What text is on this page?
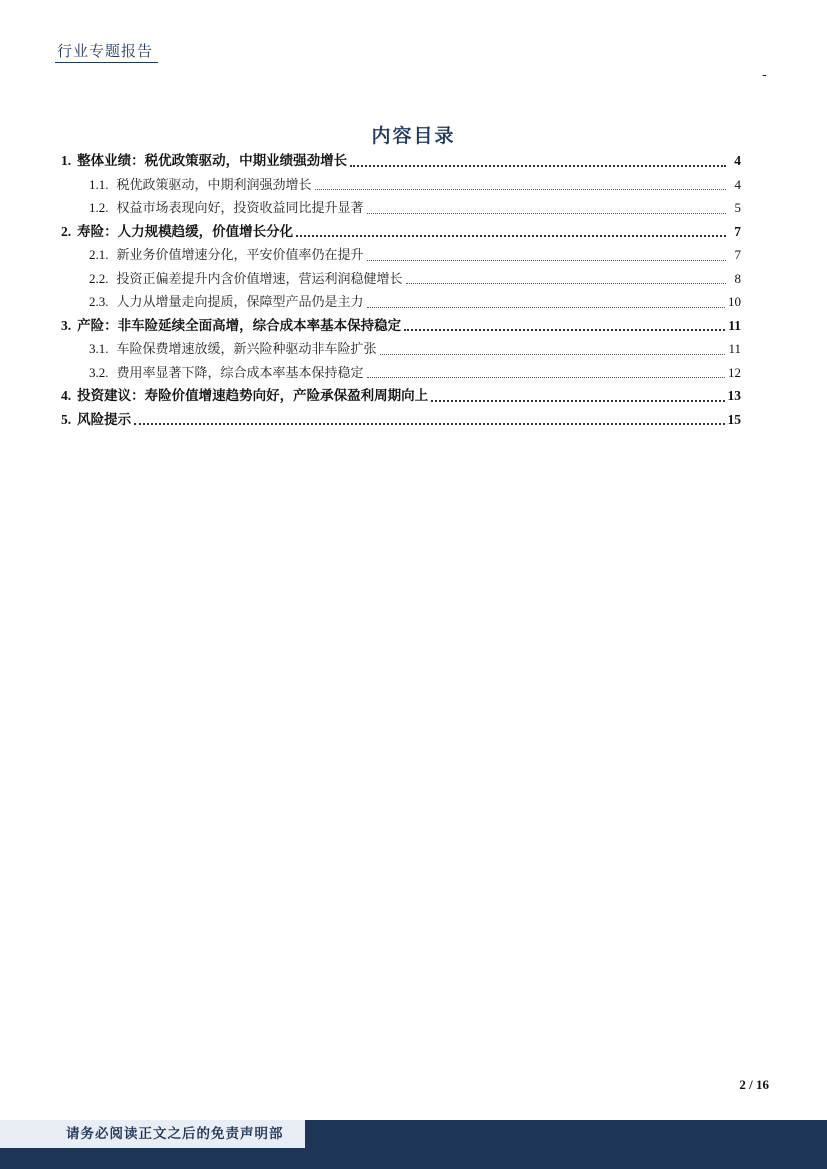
行业专题报告
-
内容目录
1. 整体业绩：税优政策驱动，中期业绩强劲增长	4
1.1. 税优政策驱动，中期利润强劲增长	4
1.2. 权益市场表现向好，投资收益同比提升显著	5
2. 寿险：人力规模趋缓，价值增长分化	7
2.1. 新业务价值增速分化，平安价值率仍在提升	7
2.2. 投资正偏差提升内含价值增速，营运利润稳健增长	8
2.3. 人力从增量走向提质，保障型产品仍是主力	10
3. 产险：非车险延续全面高增，综合成本率基本保持稳定	11
3.1. 车险保费增速放缓，新兴险种驱动非车险扩张	11
3.2. 费用率显著下降，综合成本率基本保持稳定	12
4. 投资建议：寿险价值增速趋势向好，产险承保盈利周期向上	13
5. 风险提示	15
2 / 16
请务必阅读正文之后的免责声明部
